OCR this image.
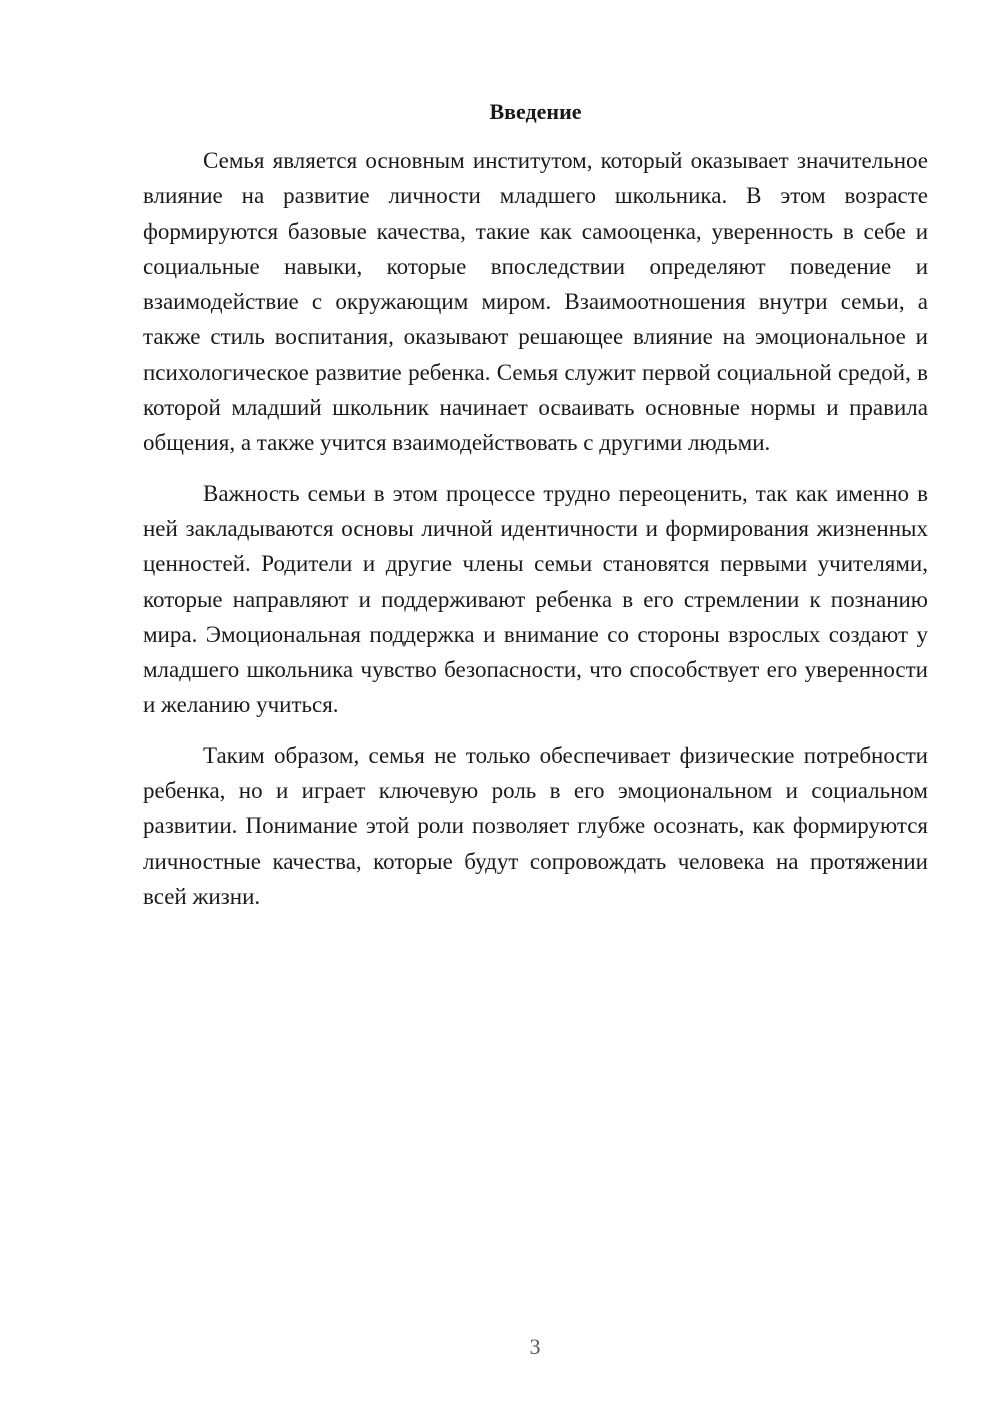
Введение

Семья является основным институтом, который оказывает значительное влияние на развитие личности младшего школьника. В этом возрасте формируются базовые качества, такие как самооценка, уверенность в себе и социальные навыки, которые впоследствии определяют поведение и взаимодействие с окружающим миром. Взаимоотношения внутри семьи, а также стиль воспитания, оказывают решающее влияние на эмоциональное и психологическое развитие ребенка. Семья служит первой социальной средой, в которой младший школьник начинает осваивать основные нормы и правила общения, а также учится взаимодействовать с другими людьми.

Важность семьи в этом процессе трудно переоценить, так как именно в ней закладываются основы личной идентичности и формирования жизненных ценностей. Родители и другие члены семьи становятся первыми учителями, которые направляют и поддерживают ребенка в его стремлении к познанию мира. Эмоциональная поддержка и внимание со стороны взрослых создают у младшего школьника чувство безопасности, что способствует его уверенности и желанию учиться.

Таким образом, семья не только обеспечивает физические потребности ребенка, но и играет ключевую роль в его эмоциональном и социальном развитии. Понимание этой роли позволяет глубже осознать, как формируются личностные качества, которые будут сопровождать человека на протяжении всей жизни.

3
